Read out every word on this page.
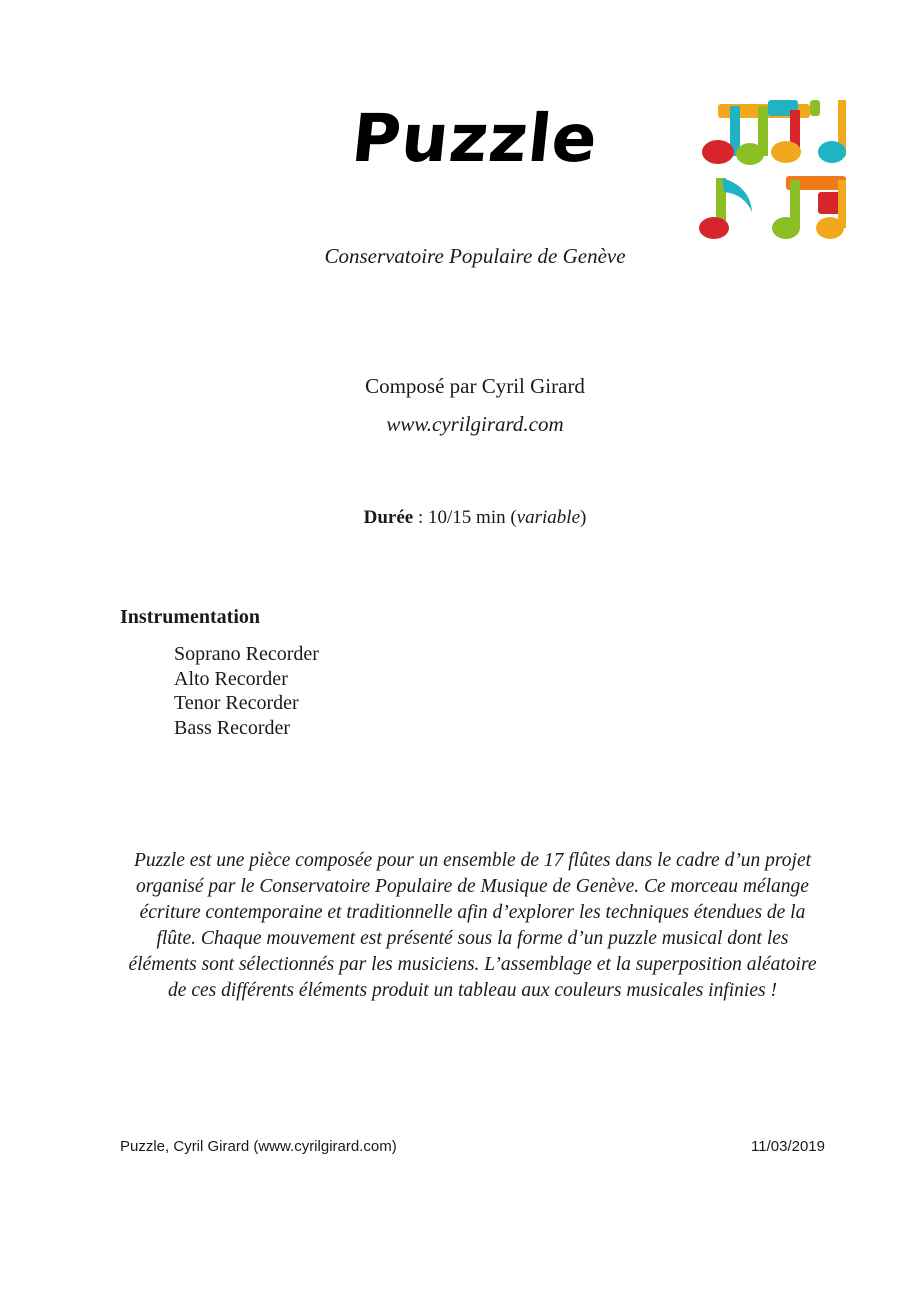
Puzzle
Conservatoire Populaire de Genève
Composé par Cyril Girard
www.cyrilgirard.com
Durée : 10/15 min (variable)
Instrumentation
Soprano Recorder
Alto Recorder
Tenor Recorder
Bass Recorder
Puzzle est une pièce composée pour un ensemble de 17 flûtes dans le cadre d’un projet organisé par le Conservatoire Populaire de Musique de Genève. Ce morceau mélange écriture contemporaine et traditionnelle afin d’explorer les techniques étendues de la flûte. Chaque mouvement est présenté sous la forme d’un puzzle musical dont les éléments sont sélectionnés par les musiciens. L’assemblage et la superposition aléatoire de ces différents éléments produit un tableau aux couleurs musicales infinies !
Puzzle, Cyril Girard (www.cyrilgirard.com)	11/03/2019
